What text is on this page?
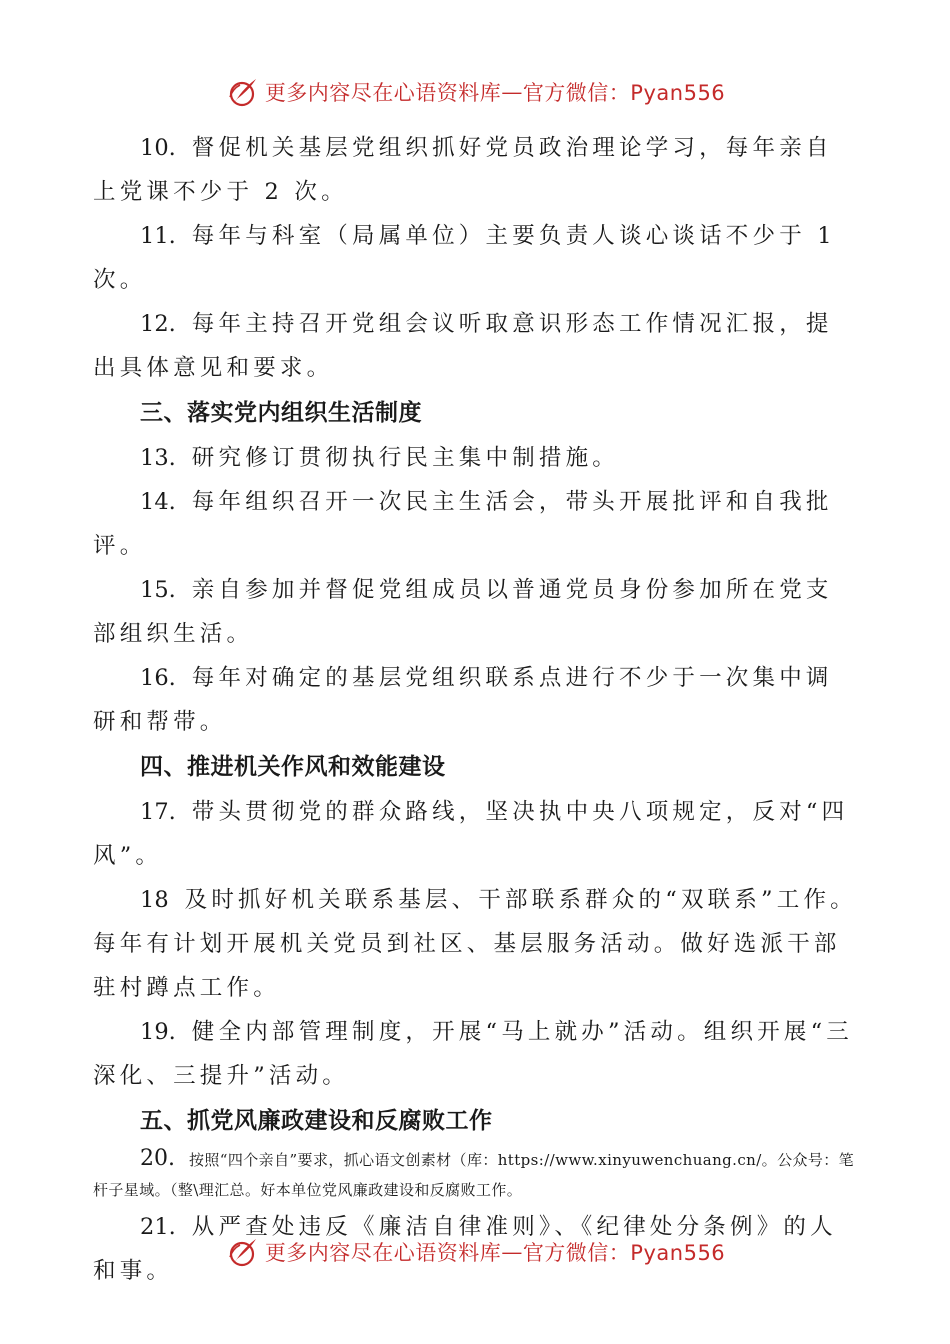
更多内容尽在心语资料库 — 官方微信：Pyan556

10. 督促机关基层党组织抓好党员政治理论学习，每年亲自上党课不少于 2 次。

11. 每年与科室（局属单位）主要负责人谈心谈话不少于 1 次。

12. 每年主持召开党组会议听取意识形态工作情况汇报，提出具体意见和要求。

三、落实党内组织生活制度

13. 研究修订贯彻执行民主集中制措施。

14. 每年组织召开一次民主生活会，带头开展批评和自我批评。

15. 亲自参加并督促党组成员以普通党员身份参加所在党支部组织生活。

16. 每年对确定的基层党组织联系点进行不少于一次集中调研和帮带。

四、推进机关作风和效能建设

17. 带头贯彻党的群众路线，坚决执中央八项规定，反对“四风”。

18 及时抓好机关联系基层、干部联系群众的“双联系”工作。每年有计划开展机关党员到社区、基层服务活动。做好选派干部驻村蹲点工作。

19. 健全内部管理制度，开展“马上就办”活动。组织开展“三深化、三提升”活动。

五、抓党风廉政建设和反腐败工作

20. 按照“四个亲自”要求，抓心语文创素材（库：https://www.xinyuwenchuang.cn/。公众号：笔杆子星域。（整\理汇总。好本单位党风廉政建设和反腐败工作。

21. 从严查处违反《廉洁自律准则》、《纪律处分条例》的人和事。

更多内容尽在心语资料库 — 官方微信：Pyan556
